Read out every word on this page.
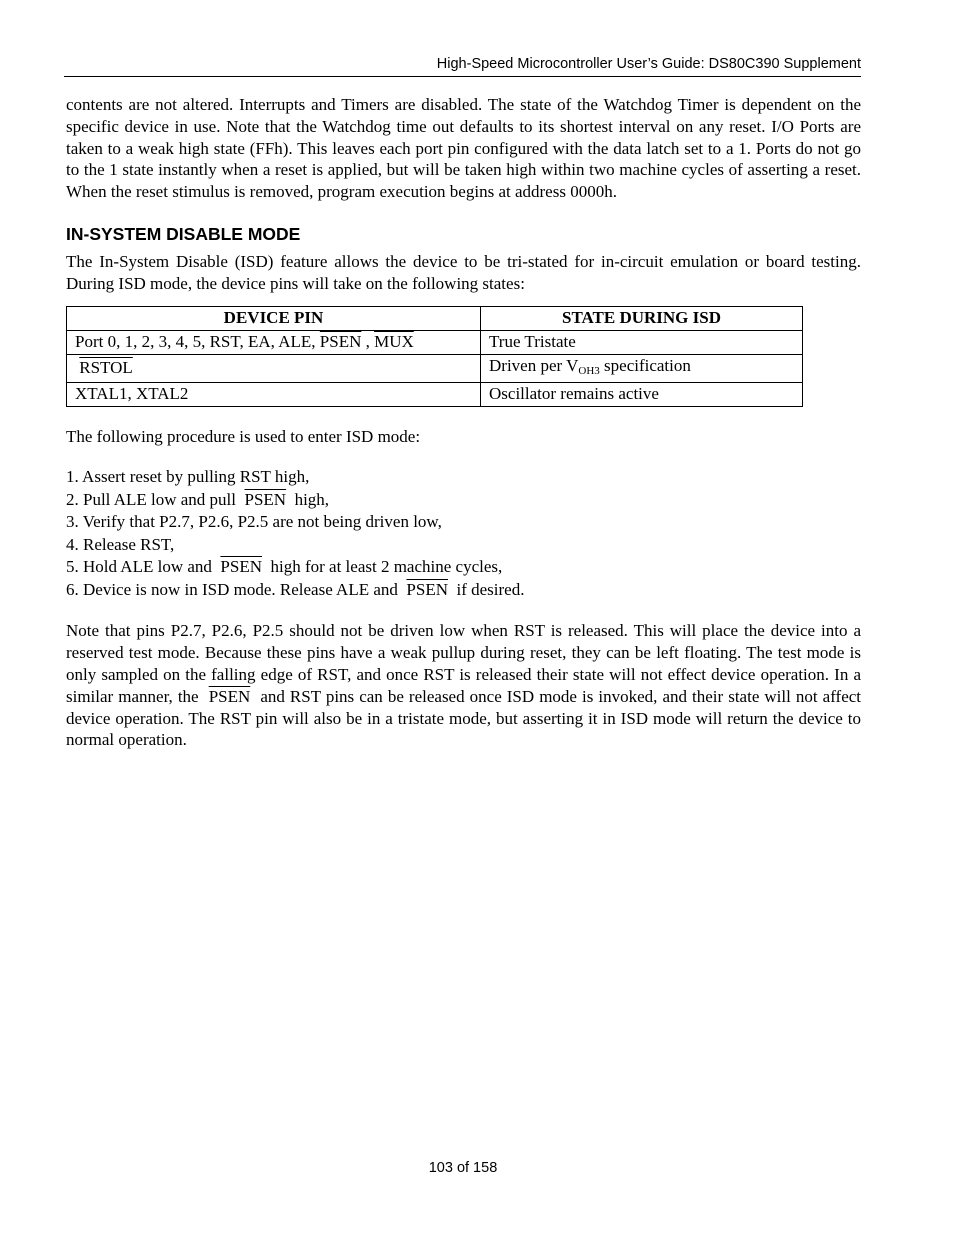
High-Speed Microcontroller User’s Guide: DS80C390 Supplement

contents are not altered. Interrupts and Timers are disabled. The state of the Watchdog Timer is dependent on the specific device in use. Note that the Watchdog time out defaults to its shortest interval on any reset. I/O Ports are taken to a weak high state (FFh). This leaves each port pin configured with the data latch set to a 1. Ports do not go to the 1 state instantly when a reset is applied, but will be taken high within two machine cycles of asserting a reset. When the reset stimulus is removed, program execution begins at address 0000h.

IN-SYSTEM DISABLE MODE

The In-System Disable (ISD) feature allows the device to be tri-stated for in-circuit emulation or board testing. During ISD mode, the device pins will take on the following states:

DEVICE PIN	STATE DURING ISD
Port 0, 1, 2, 3, 4, 5, RST, EA, ALE, PSEN , $\overline{MUX}$	True Tristate
RSTOL	Driven per $V_{OH3}$ specification
XTAL1, XTAL2	Oscillator remains active

The following procedure is used to enter ISD mode:

1. Assert reset by pulling RST high,
2. Pull ALE low and pull  PSEN  high,
3. Verify that P2.7, P2.6, P2.5 are not being driven low,
4. Release RST,
5. Hold ALE low and  PSEN  high for at least 2 machine cycles,
6. Device is now in ISD mode. Release ALE and  PSEN  if desired.

Note that pins P2.7, P2.6, P2.5 should not be driven low when RST is released. This will place the device into a reserved test mode. Because these pins have a weak pullup during reset, they can be left floating. The test mode is only sampled on the falling edge of RST, and once RST is released their state will not effect device operation. In a similar manner, the  PSEN  and RST pins can be released once ISD mode is invoked, and their state will not affect device operation. The RST pin will also be in a tristate mode, but asserting it in ISD mode will return the device to normal operation.

103 of 158
